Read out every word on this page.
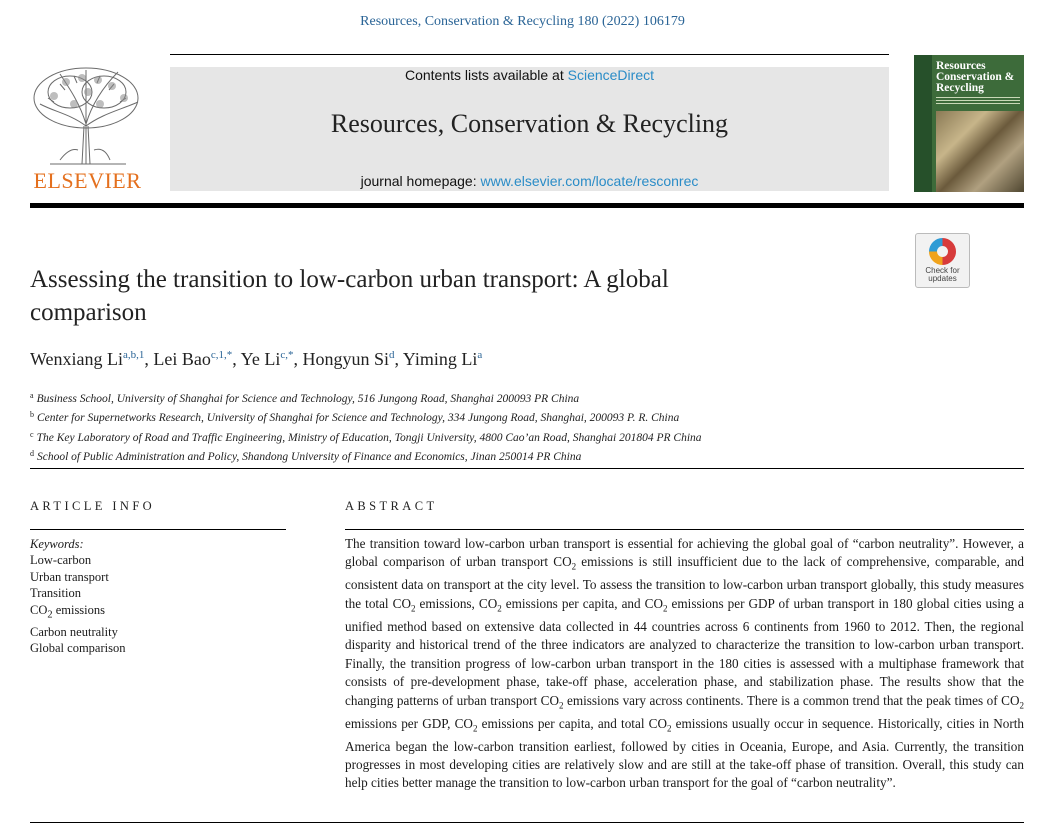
Resources, Conservation & Recycling 180 (2022) 106179
ELSEVIER
Contents lists available at ScienceDirect
Resources, Conservation & Recycling
journal homepage: www.elsevier.com/locate/resconrec
Resources Conservation & Recycling
Check for updates
Assessing the transition to low-carbon urban transport: A global comparison
Wenxiang Li$^{a,b,1}$, Lei Bao$^{c,1,*}$, Ye $Li^{c,*}$, Hongyun Si$^d$, Yiming Li$^a$
$^a$ Business School, University of Shanghai for Science and Technology, 516 Jungong Road, Shanghai 200093 PR China
$^b$ Center for Supernetworks Research, University of Shanghai for Science and Technology, 334 Jungong Road, Shanghai, 200093 P. R. China
$^c$ The Key Laboratory of Road and Traffic Engineering, Ministry of Education, Tongji University, 4800 Cao’an Road, Shanghai 201804 PR China
$^d$ School of Public Administration and Policy, Shandong University of Finance and Economics, Jinan 250014 PR China
ARTICLE INFO	ABSTRACT
Keywords:
Low-carbon
Urban transport
Transition
$CO_2$ emissions
Carbon neutrality
Global comparison
The transition toward low-carbon urban transport is essential for achieving the global goal of “carbon neutrality”. However, a global comparison of urban transport $CO_2$ emissions is still insufficient due to the lack of comprehensive, comparable, and consistent data on transport at the city level. To assess the transition to low-carbon urban transport globally, this study measures the total $CO_2$ emissions, $CO_2$ emissions per capita, and $CO_2$ emissions per GDP of urban transport in 180 global cities using a unified method based on extensive data collected in 44 countries across 6 continents from 1960 to 2012. Then, the regional disparity and historical trend of the three indicators are analyzed to characterize the transition to low-carbon urban transport. Finally, the transition progress of low-carbon urban transport in the 180 cities is assessed with a multiphase framework that consists of pre-development phase, take-off phase, acceleration phase, and stabilization phase. The results show that the changing patterns of urban transport $CO_2$ emissions vary across continents. There is a common trend that the peak times of $CO_2$ emissions per GDP, $CO_2$ emissions per capita, and total $CO_2$ emissions usually occur in sequence. Historically, cities in North America began the low-carbon transition earliest, followed by cities in Oceania, Europe, and Asia. Currently, the transition progresses in most developing cities are relatively slow and are still at the take-off phase of transition. Overall, this study can help cities better manage the transition to low-carbon urban transport for the goal of “carbon neutrality”.
